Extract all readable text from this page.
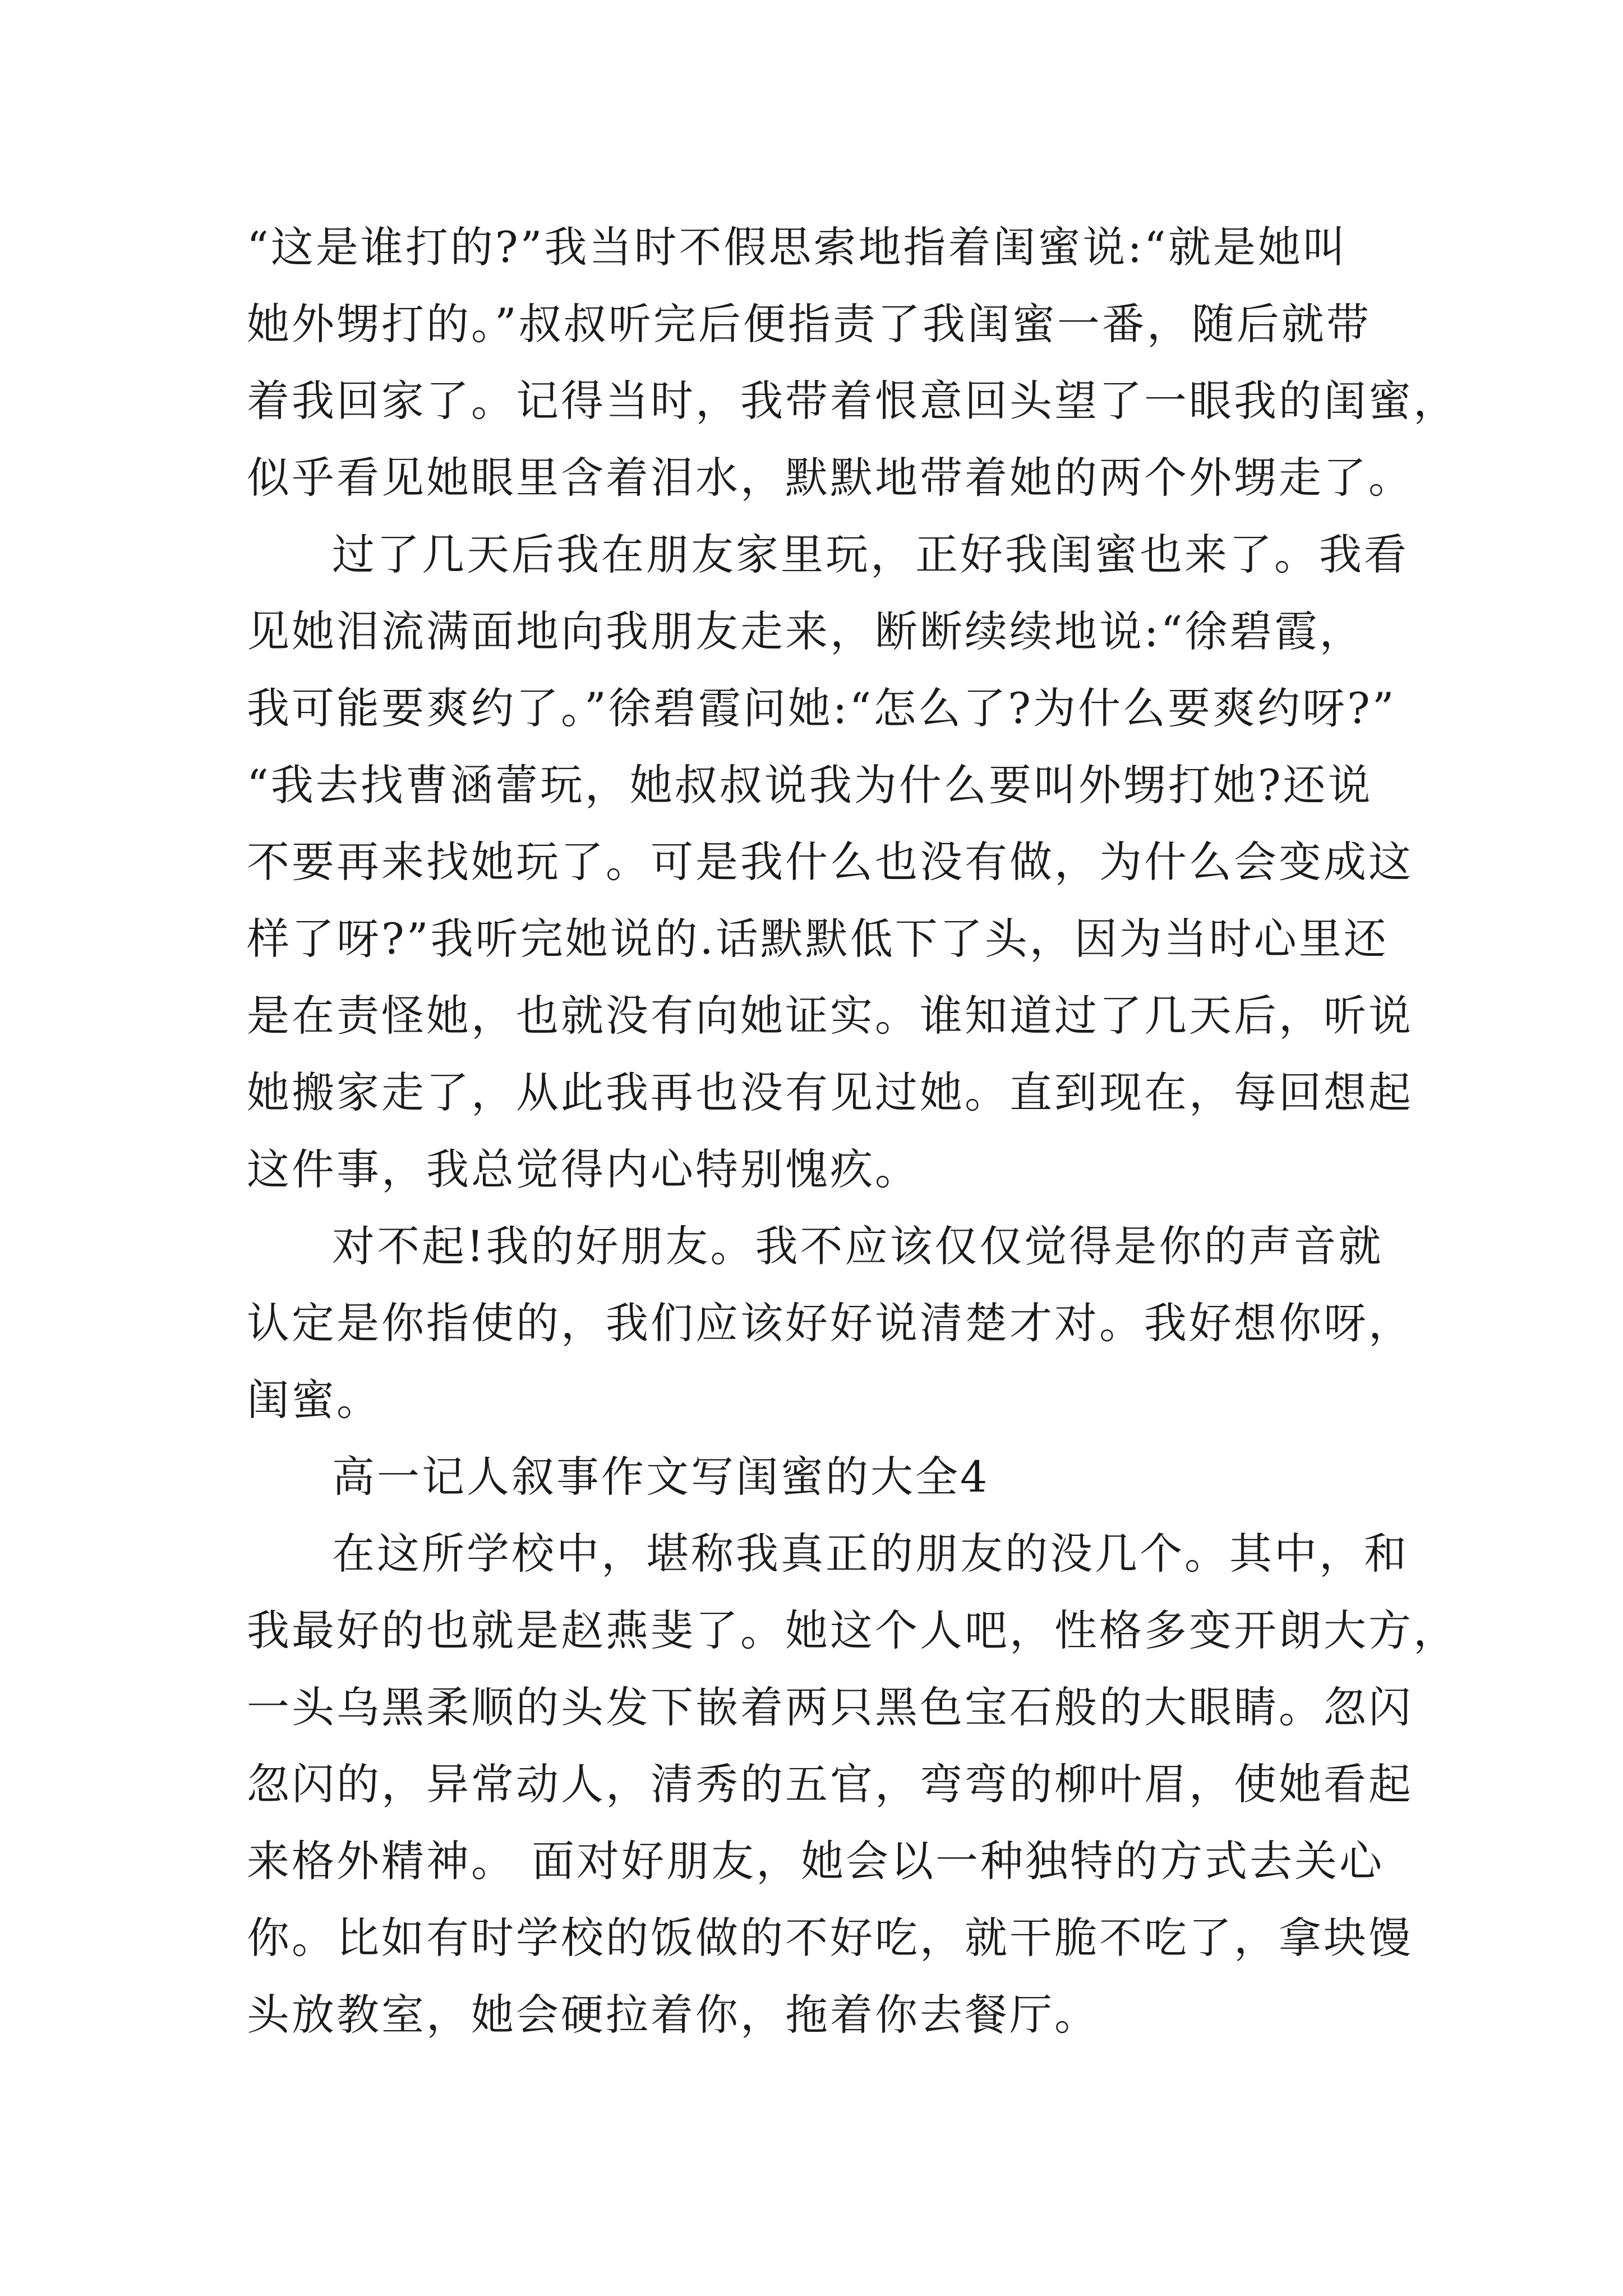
“这是谁打的?”我当时不假思索地指着闺蜜说:“就是她叫
她外甥打的。”叔叔听完后便指责了我闺蜜一番，随后就带
着我回家了。记得当时，我带着恨意回头望了一眼我的闺蜜，
似乎看见她眼里含着泪水，默默地带着她的两个外甥走了。
过了几天后我在朋友家里玩，正好我闺蜜也来了。我看
见她泪流满面地向我朋友走来，断断续续地说:“徐碧霞，
我可能要爽约了。”徐碧霞问她:“怎么了?为什么要爽约呀?”
“我去找曹涵蕾玩，她叔叔说我为什么要叫外甥打她?还说
不要再来找她玩了。可是我什么也没有做，为什么会变成这
样了呀?”我听完她说的.话默默低下了头，因为当时心里还
是在责怪她，也就没有向她证实。谁知道过了几天后，听说
她搬家走了，从此我再也没有见过她。直到现在，每回想起
这件事，我总觉得内心特别愧疚。
对不起!我的好朋友。我不应该仅仅觉得是你的声音就
认定是你指使的，我们应该好好说清楚才对。我好想你呀，
闺蜜。
高一记人叙事作文写闺蜜的大全4
在这所学校中，堪称我真正的朋友的没几个。其中，和
我最好的也就是赵燕斐了。她这个人吧，性格多变开朗大方，
一头乌黑柔顺的头发下嵌着两只黑色宝石般的大眼睛。忽闪
忽闪的，异常动人，清秀的五官，弯弯的柳叶眉，使她看起
来格外精神。 面对好朋友，她会以一种独特的方式去关心
你。比如有时学校的饭做的不好吃，就干脆不吃了，拿块馒
头放教室，她会硬拉着你，拖着你去餐厅。
